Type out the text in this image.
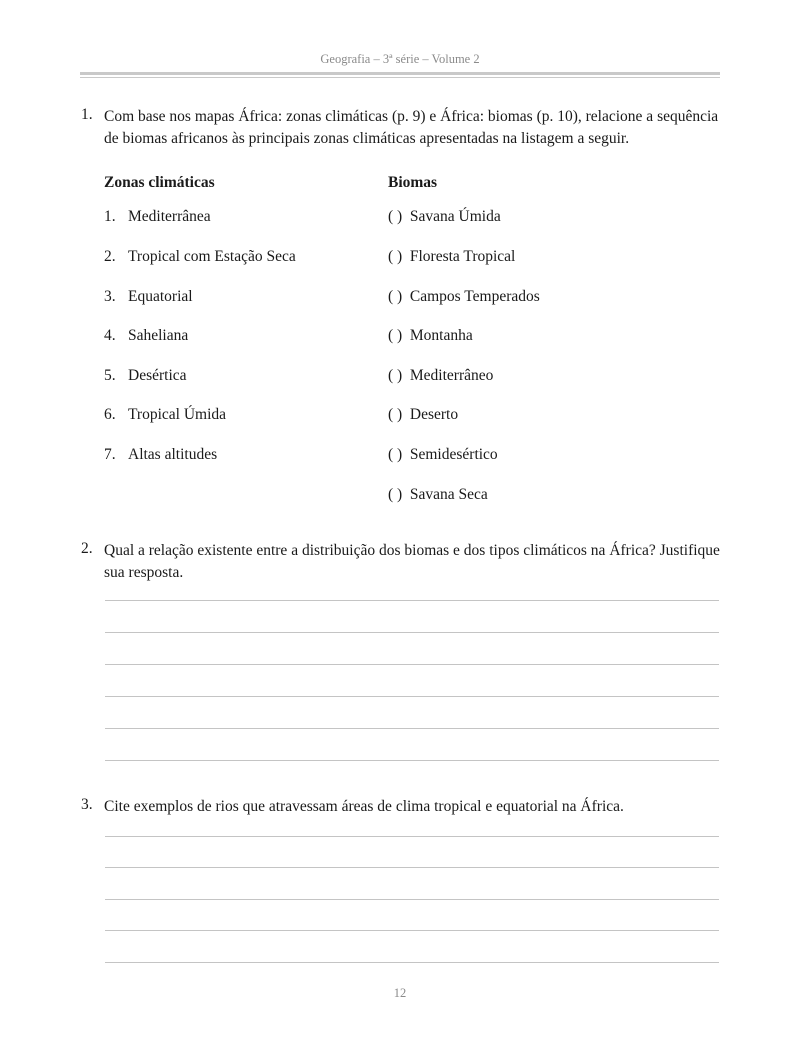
Geografia – 3ª série – Volume 2
1. Com base nos mapas África: zonas climáticas (p. 9) e África: biomas (p. 10), relacione a sequência
de biomas africanos às principais zonas climáticas apresentadas na listagem a seguir.
Zonas climáticas	Biomas
1. Mediterrânea
2. Tropical com Estação Seca
3. Equatorial
4. Saheliana
5. Desértica
6. Tropical Úmida
7. Altas altitudes
( ) Savana Úmida
( ) Floresta Tropical
( ) Campos Temperados
( ) Montanha
( ) Mediterrâneo
( ) Deserto
( ) Semidesértico
( ) Savana Seca
2. Qual a relação existente entre a distribuição dos biomas e dos tipos climáticos na África? Justifique
sua resposta.
3. Cite exemplos de rios que atravessam áreas de clima tropical e equatorial na África.
12
